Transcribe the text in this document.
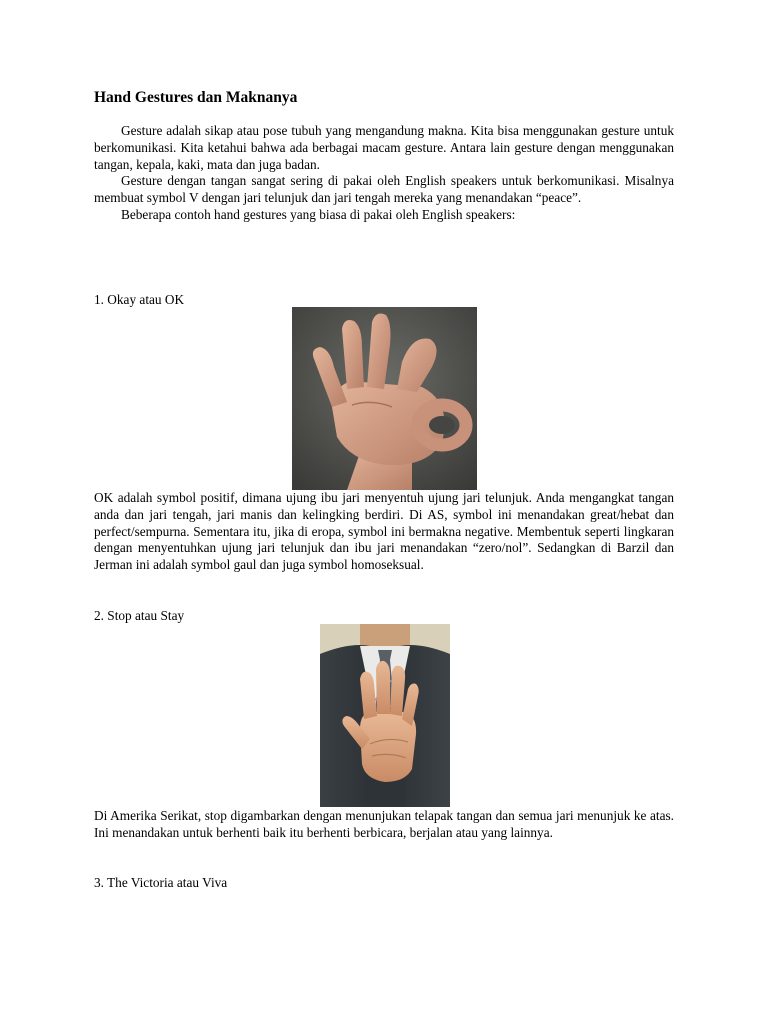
Hand Gestures dan Maknanya

Gesture adalah sikap atau pose tubuh yang mengandung makna. Kita bisa menggunakan gesture untuk berkomunikasi. Kita ketahui bahwa ada berbagai macam gesture. Antara lain gesture dengan menggunakan tangan, kepala, kaki, mata dan juga badan.

Gesture dengan tangan sangat sering di pakai oleh English speakers untuk berkomunikasi. Misalnya membuat symbol V dengan jari telunjuk dan jari tengah mereka yang menandakan “peace”.

Beberapa contoh hand gestures yang biasa di pakai oleh English speakers:

1. Okay atau OK

OK adalah symbol positif, dimana ujung ibu jari menyentuh ujung jari telunjuk. Anda mengangkat tangan anda dan jari tengah, jari manis dan kelingking berdiri. Di AS, symbol ini menandakan great/hebat dan perfect/sempurna. Sementara itu, jika di eropa, symbol ini bermakna negative. Membentuk seperti lingkaran dengan menyentuhkan ujung jari telunjuk dan ibu jari menandakan “zero/nol”. Sedangkan di Barzil dan Jerman ini adalah symbol gaul dan juga symbol homoseksual.

2. Stop atau Stay

Di Amerika Serikat, stop digambarkan dengan menunjukan telapak tangan dan semua jari menunjuk ke atas. Ini menandakan untuk berhenti baik itu berhenti berbicara, berjalan atau yang lainnya.

3. The Victoria atau Viva
